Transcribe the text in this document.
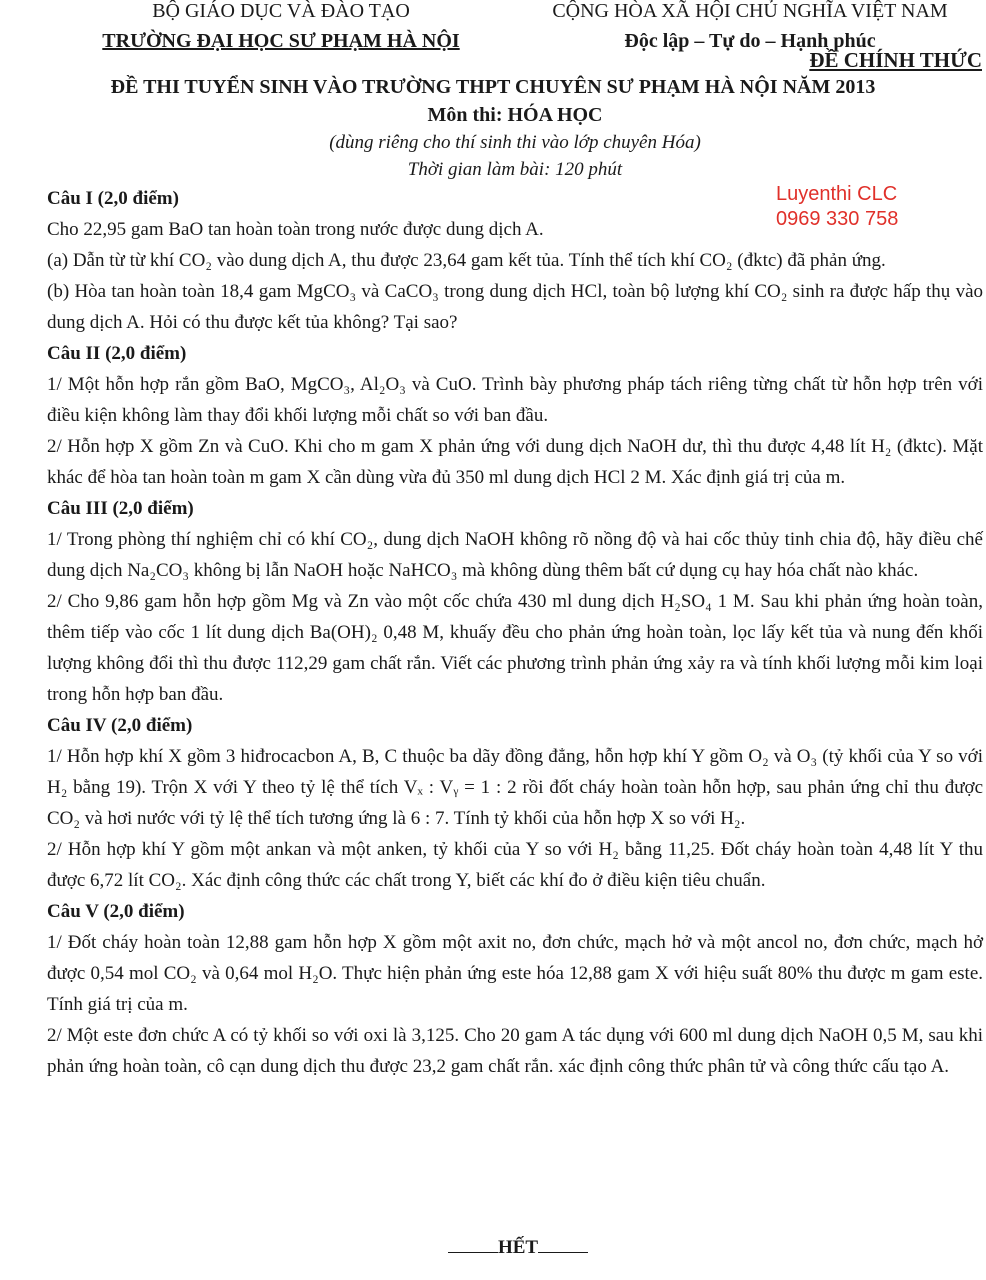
BỘ GIÁO DỤC VÀ ĐÀO TẠO
TRƯỜNG ĐẠI HỌC SƯ PHẠM HÀ NỘI
CỘNG HÒA XÃ HỘI CHỦ NGHĨA VIỆT NAM
Độc lập – Tự do – Hạnh phúc
ĐỀ CHÍNH THỨC
ĐỀ THI TUYỂN SINH VÀO TRƯỜNG THPT CHUYÊN SƯ PHẠM HÀ NỘI NĂM 2013
Môn thi: HÓA HỌC
(dùng riêng cho thí sinh thi vào lớp chuyên Hóa)
Thời gian làm bài: 120 phút
Luyenthi CLC
0969 330 758

Câu I (2,0 điểm)

Cho 22,95 gam BaO tan hoàn toàn trong nước được dung dịch A.

(a) Dẫn từ từ khí CO₂ vào dung dịch A, thu được 23,64 gam kết tủa. Tính thể tích khí CO₂ (đktc) đã phản ứng.

(b) Hòa tan hoàn toàn 18,4 gam MgCO₃ và CaCO₃ trong dung dịch HCl, toàn bộ lượng khí CO₂ sinh ra được hấp thụ vào dung dịch A. Hỏi có thu được kết tủa không? Tại sao?

Câu II (2,0 điểm)

1/ Một hỗn hợp rắn gồm BaO, MgCO₃, Al₂O₃ và CuO. Trình bày phương pháp tách riêng từng chất từ hỗn hợp trên với điều kiện không làm thay đổi khối lượng mỗi chất so với ban đầu.

2/ Hỗn hợp X gồm Zn và CuO. Khi cho m gam X phản ứng với dung dịch NaOH dư, thì thu được 4,48 lít H₂ (đktc). Mặt khác để hòa tan hoàn toàn m gam X cần dùng vừa đủ 350 ml dung dịch HCl 2 M. Xác định giá trị của m.

Câu III (2,0 điểm)

1/ Trong phòng thí nghiệm chỉ có khí CO₂, dung dịch NaOH không rõ nồng độ và hai cốc thủy tinh chia độ, hãy điều chế dung dịch Na₂CO₃ không bị lẫn NaOH hoặc NaHCO₃ mà không dùng thêm bất cứ dụng cụ hay hóa chất nào khác.

2/ Cho 9,86 gam hỗn hợp gồm Mg và Zn vào một cốc chứa 430 ml dung dịch H₂SO₄ 1 M. Sau khi phản ứng hoàn toàn, thêm tiếp vào cốc 1 lít dung dịch Ba(OH)₂ 0,48 M, khuấy đều cho phản ứng hoàn toàn, lọc lấy kết tủa và nung đến khối lượng không đổi thì thu được 112,29 gam chất rắn. Viết các phương trình phản ứng xảy ra và tính khối lượng mỗi kim loại trong hỗn hợp ban đầu.

Câu IV (2,0 điểm)

1/ Hỗn hợp khí X gồm 3 hiđrocacbon A, B, C thuộc ba dãy đồng đẳng, hỗn hợp khí Y gồm O₂ và O₃ (tỷ khối của Y so với H₂ bằng 19). Trộn X với Y theo tỷ lệ thể tích Vₓ : Vᵧ = 1 : 2 rồi đốt cháy hoàn toàn hỗn hợp, sau phản ứng chỉ thu được CO₂ và hơi nước với tỷ lệ thể tích tương ứng là 6 : 7. Tính tỷ khối của hỗn hợp X so với H₂.

2/ Hỗn hợp khí Y gồm một ankan và một anken, tỷ khối của Y so với H₂ bằng 11,25. Đốt cháy hoàn toàn 4,48 lít Y thu được 6,72 lít CO₂. Xác định công thức các chất trong Y, biết các khí đo ở điều kiện tiêu chuẩn.

Câu V (2,0 điểm)

1/ Đốt cháy hoàn toàn 12,88 gam hỗn hợp X gồm một axit no, đơn chức, mạch hở và một ancol no, đơn chức, mạch hở được 0,54 mol CO₂ và 0,64 mol H₂O. Thực hiện phản ứng este hóa 12,88 gam X với hiệu suất 80% thu được m gam este. Tính giá trị của m.

2/ Một este đơn chức A có tỷ khối so với oxi là 3,125. Cho 20 gam A tác dụng với 600 ml dung dịch NaOH 0,5 M, sau khi phản ứng hoàn toàn, cô cạn dung dịch thu được 23,2 gam chất rắn. xác định công thức phân tử và công thức cấu tạo A.

HẾT
